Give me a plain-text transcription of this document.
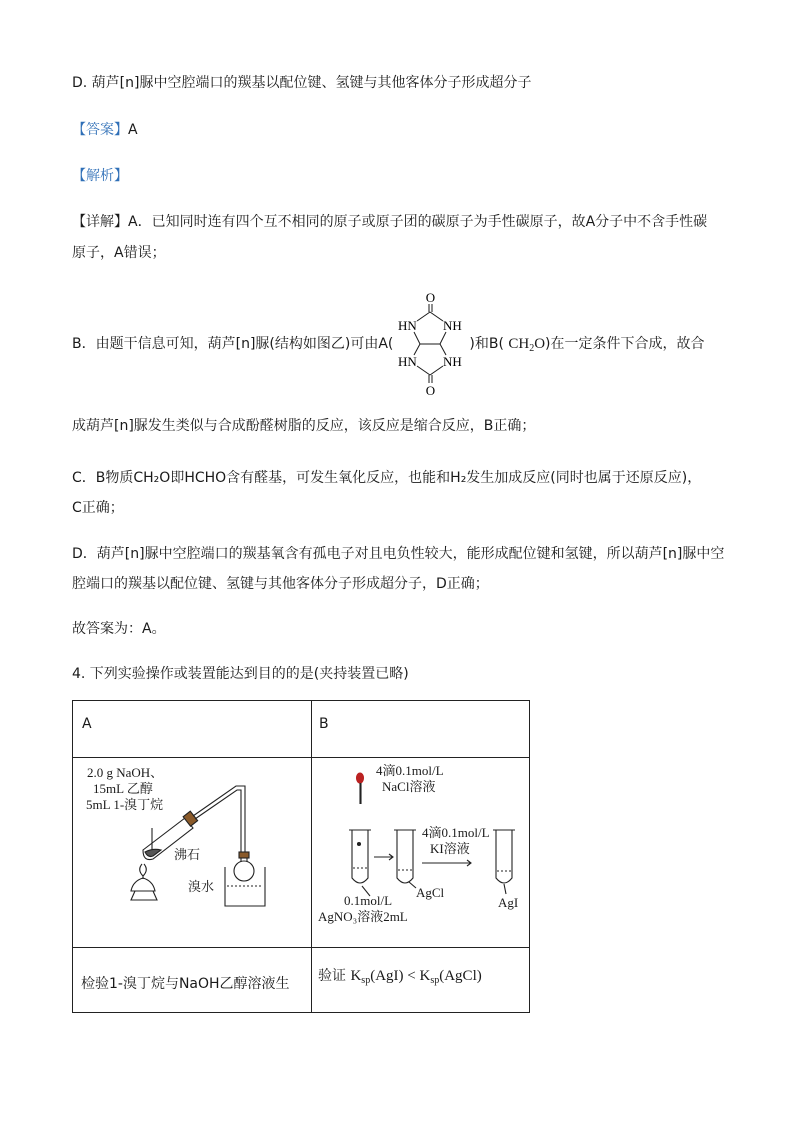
D. 葫芦[n]脲中空腔端口的羰基以配位键、氢键与其他客体分子形成超分子
【答案】A
【解析】
【详解】A．已知同时连有四个互不相同的原子或原子团的碳原子为手性碳原子，故A分子中不含手性碳
原子，A错误；
B．由题干信息可知，葫芦[n]脲(结构如图乙)可由A(	)和B( $CH_2O$)在一定条件下合成，故合
O
HN NH
HN NH
O
成葫芦[n]脲发生类似与合成酚醛树脂的反应，该反应是缩合反应，B正确；
C．B物质CH₂O即HCHO含有醛基，可发生氧化反应，也能和H₂发生加成反应(同时也属于还原反应)，
C正确；
D．葫芦[n]脲中空腔端口的羰基氧含有孤电子对且电负性较大，能形成配位键和氢键，所以葫芦[n]脲中空
腔端口的羰基以配位键、氢键与其他客体分子形成超分子，D正确；
故答案为：A。
4. 下列实验操作或装置能达到目的的是(夹持装置已略)
A	B
2.0 g NaOH、
15mL 乙醇
5mL 1-溴丁烷
沸石
溴水
4滴0.1mol/L
NaCl溶液
4滴0.1mol/L
KI溶液
AgCl
AgI
0.1mol/L
AgNO₃溶液2mL
检验1-溴丁烷与NaOH乙醇溶液生 验证 $K_{sp}(AgI)$ < $K_{sp}(AgCl)$
